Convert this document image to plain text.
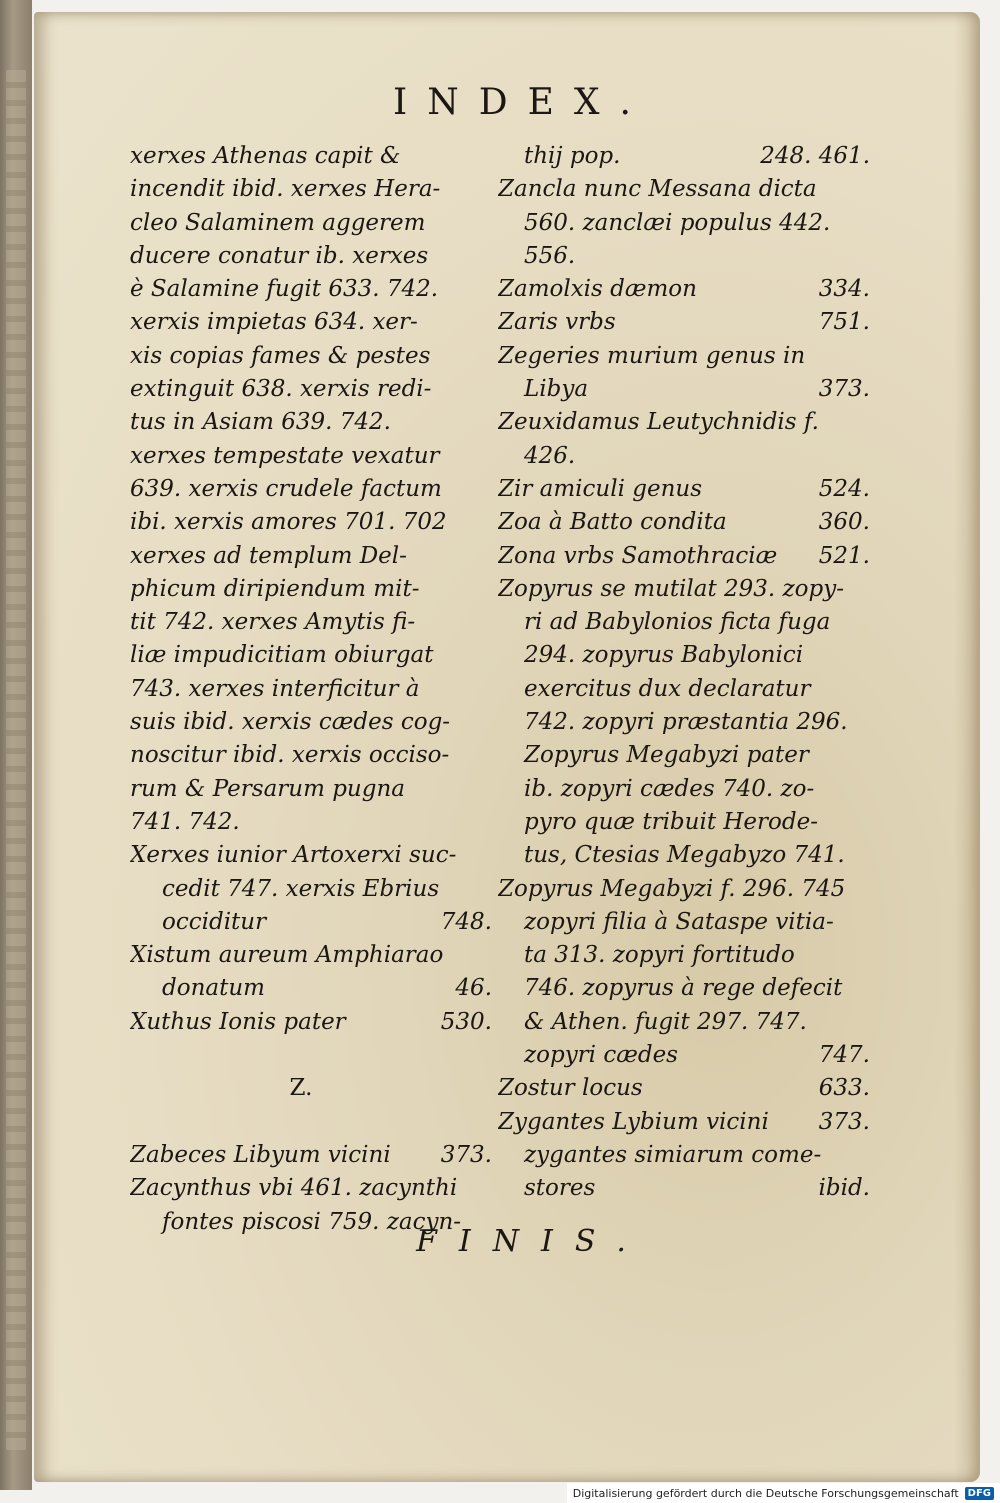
INDEX.
xerxes Athenas capit &
incendit ibid. xerxes Hera-
cleo Salaminem aggerem
ducere conatur ib. xerxes
è Salamine fugit 633. 742.
xerxis impietas 634. xer-
xis copias fames & pestes
extinguit 638. xerxis redi-
tus in Asiam 639. 742.
xerxes tempestate vexatur
639. xerxis crudele factum
ibi. xerxis amores 701. 702
xerxes ad templum Del-
phicum diripiendum mit-
tit 742. xerxes Amytis fi-
liæ impudicitiam obiurgat
743. xerxes interficitur à
suis ibid. xerxis cædes cog-
noscitur ibid. xerxis occiso-
rum & Persarum pugna
741. 742.
Xerxes iunior Artoxerxi suc-
cedit 747. xerxis Ebrius
occiditur	748.
Xistum aureum Amphiarao
donatum	46.
Xuthus Ionis pater	530.
Z.
Zabeces Libyum vicini 373.
Zacynthus vbi 461. zacynthi
fontes piscosi 759. zacyn-
thij pop.	248. 461.
Zancla nunc Messana dicta
560. zanclæi populus 442.
556.
Zamolxis dæmon	334.
Zaris vrbs	751.
Zegeries murium genus in
Libya	373.
Zeuxidamus Leutychnidis f.
426.
Zir amiculi genus	524.
Zoa à Batto condita	360.
Zona vrbs Samothraciæ 521.
Zopyrus se mutilat 293. zopy-
ri ad Babylonios ficta fuga
294. zopyrus Babylonici
exercitus dux declaratur
742. zopyri præstantia 296.
Zopyrus Megabyzi pater
ib. zopyri cædes 740. zo-
pyro quæ tribuit Herode-
tus, Ctesias Megabyzo 741.
Zopyrus Megabyzi f. 296. 745
zopyri filia à Sataspe vitia-
ta 313. zopyri fortitudo
746. zopyrus à rege defecit
& Athen. fugit 297. 747.
zopyri cædes	747.
Zostur locus	633.
Zygantes Lybium vicini 373.
zygantes simiarum come-
stores	ibid.
FINIS.
Digitalisierung gefördert durch die Deutsche Forschungsgemeinschaft DFG
